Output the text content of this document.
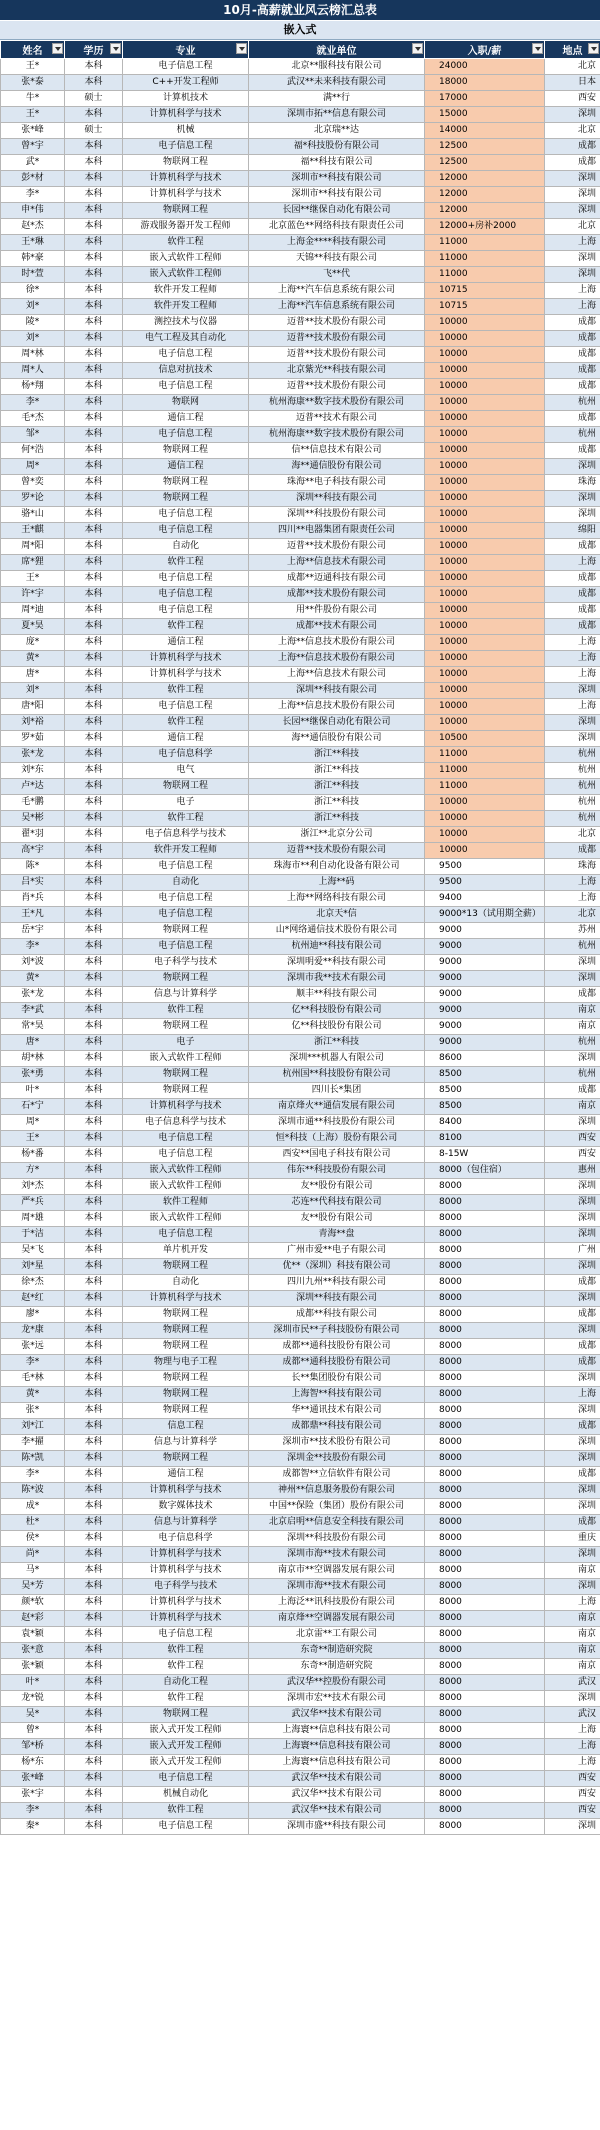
10月-高薪就业风云榜汇总表
嵌入式
姓名	学历	专业	就业单位	入职/薪	地点

王*	本科	电子信息工程	北京**服科技有限公司	24000	北京
张*泰	本科	C++开发工程师	武汉**未来科技有限公司	18000	日本
牛*	硕士	计算机技术	满**行	17000	西安
王*	本科	计算机科学与技术	深圳市拓**信息有限公司	15000	深圳
张*峰	硕士	机械	北京瑞**达	14000	北京
曾*宇	本科	电子信息工程	福*科技股份有限公司	12500	成都
武*	本科	物联网工程	福**科技有限公司	12500	成都
彭*材	本科	计算机科学与技术	深圳市**科技有限公司	12000	深圳
李*	本科	计算机科学与技术	深圳市**科技有限公司	12000	深圳
申*伟	本科	物联网工程	长园**继保自动化有限公司	12000	深圳
赵*杰	本科	游戏服务器开发工程师	北京蓝色**网络科技有限责任公司	12000+房补2000	北京
王*琳	本科	软件工程	上海金****科技有限公司	11000	上海
韩*豪	本科	嵌入式软件工程师	天锦**科技有限公司	11000	深圳
时*萱	本科	嵌入式软件工程师	飞**代	11000	深圳
徐*	本科	软件开发工程师	上海**汽车信息系统有限公司	10715	上海
刘*	本科	软件开发工程师	上海**汽车信息系统有限公司	10715	上海
陵*	本科	测控技术与仪器	迈普**技术股份有限公司	10000	成都
刘*	本科	电气工程及其自动化	迈普**技术股份有限公司	10000	成都
周*林	本科	电子信息工程	迈普**技术股份有限公司	10000	成都
周*人	本科	信息对抗技术	北京紫光**科技有限公司	10000	成都
杨*翔	本科	电子信息工程	迈普**技术股份有限公司	10000	成都
李*	本科	物联网	杭州海康**数字技术股份有限公司	10000	杭州
毛*杰	本科	通信工程	迈普**技术有限公司	10000	成都
邹*	本科	电子信息工程	杭州海康**数字技术股份有限公司	10000	杭州
何*浩	本科	物联网工程	信**信息技术有限公司	10000	成都
周*	本科	通信工程	海**通信股份有限公司	10000	深圳
曾*奕	本科	物联网工程	珠海**电子科技有限公司	10000	珠海
罗*论	本科	物联网工程	深圳**科技有限公司	10000	深圳
骆*山	本科	电子信息工程	深圳**科技股份有限公司	10000	深圳
王*麒	本科	电子信息工程	四川**电器集团有限责任公司	10000	绵阳
周*阳	本科	自动化	迈普**技术股份有限公司	10000	成都
席*狸	本科	软件工程	上海**信息技术有限公司	10000	上海
王*	本科	电子信息工程	成都**迈通科技有限公司	10000	成都
许*宇	本科	电子信息工程	成都**技术股份有限公司	10000	成都
周*迪	本科	电子信息工程	用**件股份有限公司	10000	成都
夏*昊	本科	软件工程	成都**技术有限公司	10000	成都
庞*	本科	通信工程	上海**信息技术股份有限公司	10000	上海
黄*	本科	计算机科学与技术	上海**信息技术股份有限公司	10000	上海
唐*	本科	计算机科学与技术	上海**信息技术有限公司	10000	上海
刘*	本科	软件工程	深圳**科技有限公司	10000	深圳
唐*阳	本科	电子信息工程	上海**信息技术股份有限公司	10000	上海
刘*裕	本科	软件工程	长园**继保自动化有限公司	10000	深圳
罗*茹	本科	通信工程	海**通信股份有限公司	10500	深圳
张*龙	本科	电子信息科学	浙江**科技	11000	杭州
刘*东	本科	电气	浙江**科技	11000	杭州
卢*达	本科	物联网工程	浙江**科技	11000	杭州
毛*鹏	本科	电子	浙江**科技	10000	杭州
吴*彬	本科	软件工程	浙江**科技	10000	杭州
翟*羽	本科	电子信息科学与技术	浙江**北京分公司	10000	北京
高*宇	本科	软件开发工程师	迈普**技术股份有限公司	10000	成都
陈*	本科	电子信息工程	珠海市**利自动化设备有限公司	9500	珠海
吕*实	本科	自动化	上海**码	9500	上海
肖*兵	本科	电子信息工程	上海**网络科技有限公司	9400	上海
王*凡	本科	电子信息工程	北京天*信	9000*13（试用期全薪）	北京
岳*宇	本科	物联网工程	山*网络通信技术股份有限公司	9000	苏州
李*	本科	电子信息工程	杭州迪**科技有限公司	9000	杭州
刘*波	本科	电子科学与技术	深圳明爱**科技有限公司	9000	深圳
黄*	本科	物联网工程	深圳市我**技术有限公司	9000	深圳
张*龙	本科	信息与计算科学	顺丰**科技有限公司	9000	成都
李*武	本科	软件工程	亿**科技股份有限公司	9000	南京
常*昊	本科	物联网工程	亿**科技股份有限公司	9000	南京
唐*	本科	电子	浙江**科技	9000	杭州
胡*林	本科	嵌入式软件工程师	深圳***机器人有限公司	8600	深圳
张*勇	本科	物联网工程	杭州国**科技股份有限公司	8500	杭州
叶*	本科	物联网工程	四川长*集团	8500	成都
石*宁	本科	计算机科学与技术	南京烽火**通信发展有限公司	8500	南京
周*	本科	电子信息科学与技术	深圳市通**科技股份有限公司	8400	深圳
王*	本科	电子信息工程	恒*科技（上海）股份有限公司	8100	西安
杨*番	本科	电子信息工程	西安**国电子科技有限公司	8-15W	西安
方*	本科	嵌入式软件工程师	伟东**科技股份有限公司	8000（包住宿）	惠州
刘*杰	本科	嵌入式软件工程师	友**股份有限公司	8000	深圳
严*兵	本科	软件工程师	芯连**代科技有限公司	8000	深圳
周*雄	本科	嵌入式软件工程师	友**股份有限公司	8000	深圳
于*洁	本科	电子信息工程	青海**盘	8000	深圳
吴*飞	本科	单片机开发	广州市爱**电子有限公司	8000	广州
刘*星	本科	物联网工程	优**（深圳）科技有限公司	8000	深圳
徐*杰	本科	自动化	四川九州**科技有限公司	8000	成都
赵*红	本科	计算机科学与技术	深圳**科技有限公司	8000	深圳
廖*	本科	物联网工程	成都**科技有限公司	8000	成都
龙*康	本科	物联网工程	深圳市民**子科技股份有限公司	8000	深圳
张*远	本科	物联网工程	成都**通科技股份有限公司	8000	成都
李*	本科	物理与电子工程	成都**通科技股份有限公司	8000	成都
毛*林	本科	物联网工程	长**集团股份有限公司	8000	深圳
黄*	本科	物联网工程	上海智**科技有限公司	8000	上海
张*	本科	物联网工程	华**通讯技术有限公司	8000	深圳
刘*江	本科	信息工程	成都鼎**科技有限公司	8000	成都
李*擢	本科	信息与计算科学	深圳市**技术股份有限公司	8000	深圳
陈*凯	本科	物联网工程	深圳金**技股份有限公司	8000	深圳
李*	本科	通信工程	成都智**立信软件有限公司	8000	成都
陈*波	本科	计算机科学与技术	神州**信息服务股份有限公司	8000	深圳
成*	本科	数字媒体技术	中国**保险（集团）股份有限公司	8000	深圳
杜*	本科	信息与计算科学	北京启明**信息安全科技有限公司	8000	成都
侯*	本科	电子信息科学	深圳**科技股份有限公司	8000	重庆
尚*	本科	计算机科学与技术	深圳市海**技术有限公司	8000	深圳
马*	本科	计算机科学与技术	南京市**空调器发展有限公司	8000	南京
吴*芳	本科	电子科学与技术	深圳市海**技术有限公司	8000	深圳
颜*软	本科	计算机科学与技术	上海泛**讯科技股份有限公司	8000	上海
赵*彩	本科	计算机科学与技术	南京烽**空调器发展有限公司	8000	南京
袁*颖	本科	电子信息工程	北京雷**工有限公司	8000	南京
张*意	本科	软件工程	东奇**制造研究院	8000	南京
张*颖	本科	软件工程	东奇**制造研究院	8000	南京
叶*	本科	自动化工程	武汉华**控股份有限公司	8000	武汉
龙*锐	本科	软件工程	深圳市宏**技术有限公司	8000	深圳
吴*	本科	物联网工程	武汉华**技术有限公司	8000	武汉
曾*	本科	嵌入式开发工程师	上海寰**信息科技有限公司	8000	上海
邹*桥	本科	嵌入式开发工程师	上海寰**信息科技有限公司	8000	上海
杨*东	本科	嵌入式开发工程师	上海寰**信息科技有限公司	8000	上海
张*峰	本科	电子信息工程	武汉华**技术有限公司	8000	西安
张*宇	本科	机械自动化	武汉华**技术有限公司	8000	西安
李*	本科	软件工程	武汉华**技术有限公司	8000	西安
秦*	本科	电子信息工程	深圳市盛**科技有限公司	8000	深圳
